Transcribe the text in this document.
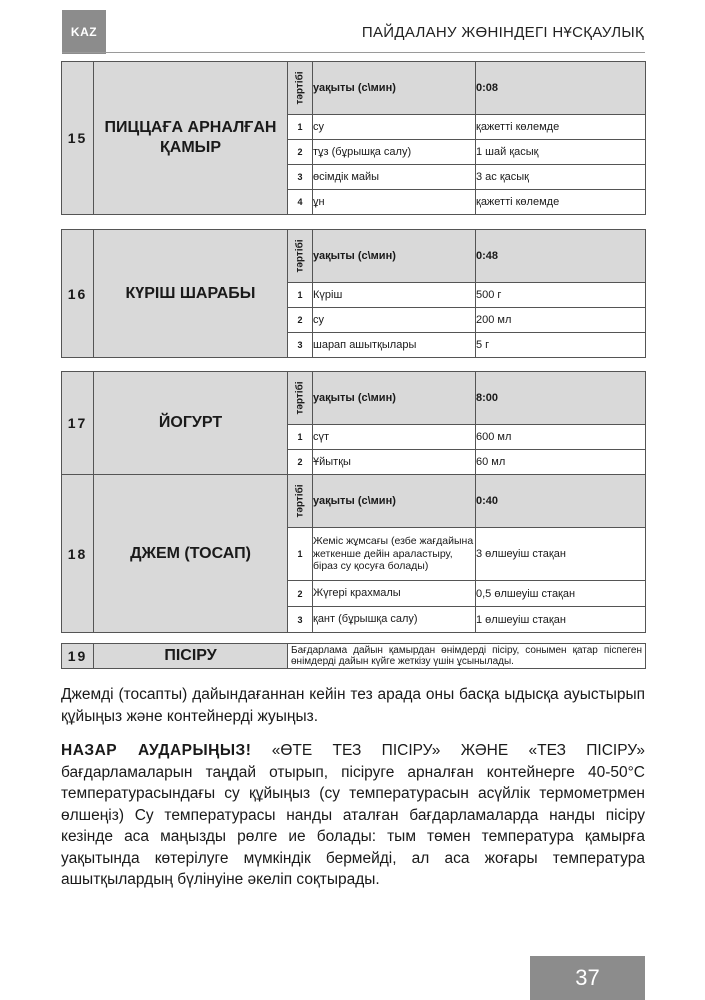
KAZ	ПАЙДАЛАНУ ЖӨНІНДЕГІ НҰСҚАУЛЫҚ
15	ПИЦЦАҒА АРНАЛҒАН ҚАМЫР	тәртібі	уақыты (с\мин)	0:08
		1	су	қажетті көлемде
		2	тұз (бұрышқа салу)	1 шай қасық
		3	өсімдік майы	3 ас қасық
		4	ұн	қажетті көлемде
16	КҮРІШ ШАРАБЫ	тәртібі	уақыты (с\мин)	0:48
		1	Күріш	500 г
		2	су	200 мл
		3	шарап ашытқылары	5 г
17	ЙОГУРТ	тәртібі	уақыты (с\мин)	8:00
		1	сүт	600 мл
		2	Ұйытқы	60 мл
18	ДЖЕМ (ТОСАП)	тәртібі	уақыты (с\мин)	0:40
		1	Жеміс жұмсағы (езбе жағдайына жеткенше дейін араластыру, біраз су қосуға болады)	3 өлшеуіш стақан
		2	Жүгері крахмалы	0,5 өлшеуіш стақан
		3	қант (бұрышқа салу)	1 өлшеуіш стақан
19	ПІСІРУ	Бағдарлама дайын қамырдан өнімдерді пісіру, сонымен қатар піспеген өнімдерді дайын күйге жеткізу үшін ұсынылады.
Джемді (тосапты) дайындағаннан кейін тез арада оны басқа ыдысқа ауыстырып құйыңыз және контейнерді жуыңыз.
НАЗАР АУДАРЫҢЫЗ! «ӨТЕ ТЕЗ ПІСІРУ» ЖӘНЕ «ТЕЗ ПІСІРУ» бағдарламаларын таңдай отырып, пісіруге арналған контейнерге 40-50°С температурасындағы су құйыңыз (су температурасын асүйлік термометрмен өлшеңіз) Су температурасы нанды аталған бағдарламаларда нанды пісіру кезінде аса маңызды рөлге ие болады: тым төмен температура қамырға уақытында көтерілуге мүмкіндік бермейді, ал аса жоғары температура ашытқылардың бүлінуіне әкеліп соқтырады.
37
